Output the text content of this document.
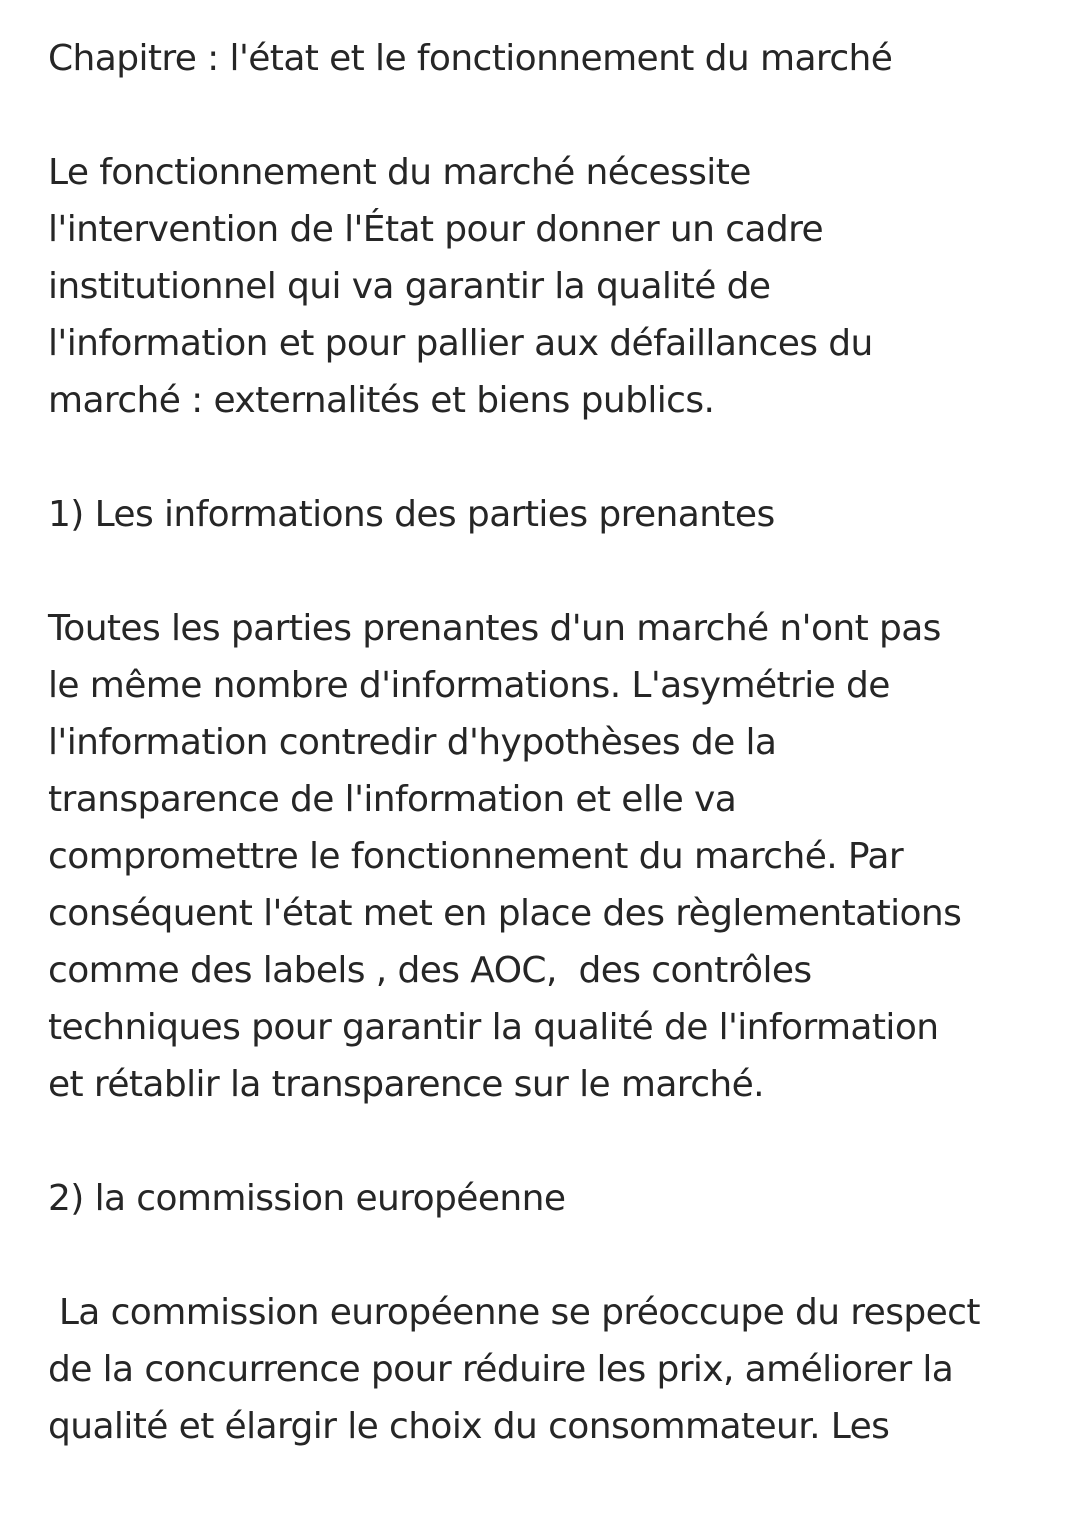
Chapitre : l'état et le fonctionnement du marché
Le fonctionnement du marché nécessite
l'intervention de l'État pour donner un cadre
institutionnel qui va garantir la qualité de
l'information et pour pallier aux défaillances du
marché : externalités et biens publics.
1) Les informations des parties prenantes
Toutes les parties prenantes d'un marché n'ont pas
le même nombre d'informations. L'asymétrie de
l'information contredir d'hypothèses de la
transparence de l'information et elle va
compromettre le fonctionnement du marché. Par
conséquent l'état met en place des règlementations
comme des labels , des AOC,  des contrôles
techniques pour garantir la qualité de l'information
et rétablir la transparence sur le marché.
2) la commission européenne
La commission européenne se préoccupe du respect
de la concurrence pour réduire les prix, améliorer la
qualité et élargir le choix du consommateur. Les
